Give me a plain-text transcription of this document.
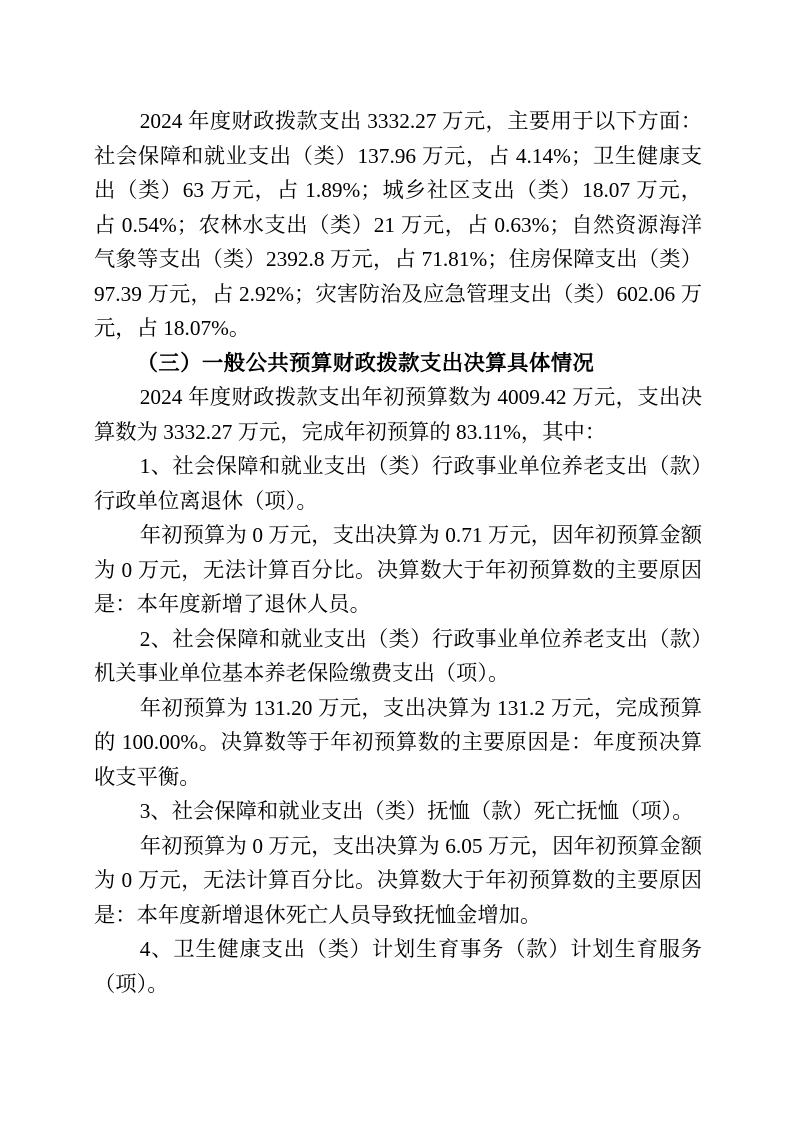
2024 年度财政拨款支出 3332.27 万元，主要用于以下方面：社会保障和就业支出（类）137.96 万元，占 4.14%；卫生健康支出（类）63 万元，占 1.89%；城乡社区支出（类）18.07 万元，占 0.54%；农林水支出（类）21 万元，占 0.63%；自然资源海洋气象等支出（类）2392.8 万元，占 71.81%；住房保障支出（类）97.39 万元，占 2.92%；灾害防治及应急管理支出（类）602.06 万元，占 18.07%。

（三）一般公共预算财政拨款支出决算具体情况

2024 年度财政拨款支出年初预算数为 4009.42 万元，支出决算数为 3332.27 万元，完成年初预算的 83.11%，其中：

1、社会保障和就业支出（类）行政事业单位养老支出（款）行政单位离退休（项）。

年初预算为 0 万元，支出决算为 0.71 万元，因年初预算金额为 0 万元，无法计算百分比。决算数大于年初预算数的主要原因是：本年度新增了退休人员。

2、社会保障和就业支出（类）行政事业单位养老支出（款）机关事业单位基本养老保险缴费支出（项）。

年初预算为 131.20 万元，支出决算为 131.2 万元，完成预算的 100.00%。决算数等于年初预算数的主要原因是：年度预决算收支平衡。

3、社会保障和就业支出（类）抚恤（款）死亡抚恤（项）。

年初预算为 0 万元，支出决算为 6.05 万元，因年初预算金额为 0 万元，无法计算百分比。决算数大于年初预算数的主要原因是：本年度新增退休死亡人员导致抚恤金增加。

4、卫生健康支出（类）计划生育事务（款）计划生育服务（项）。
